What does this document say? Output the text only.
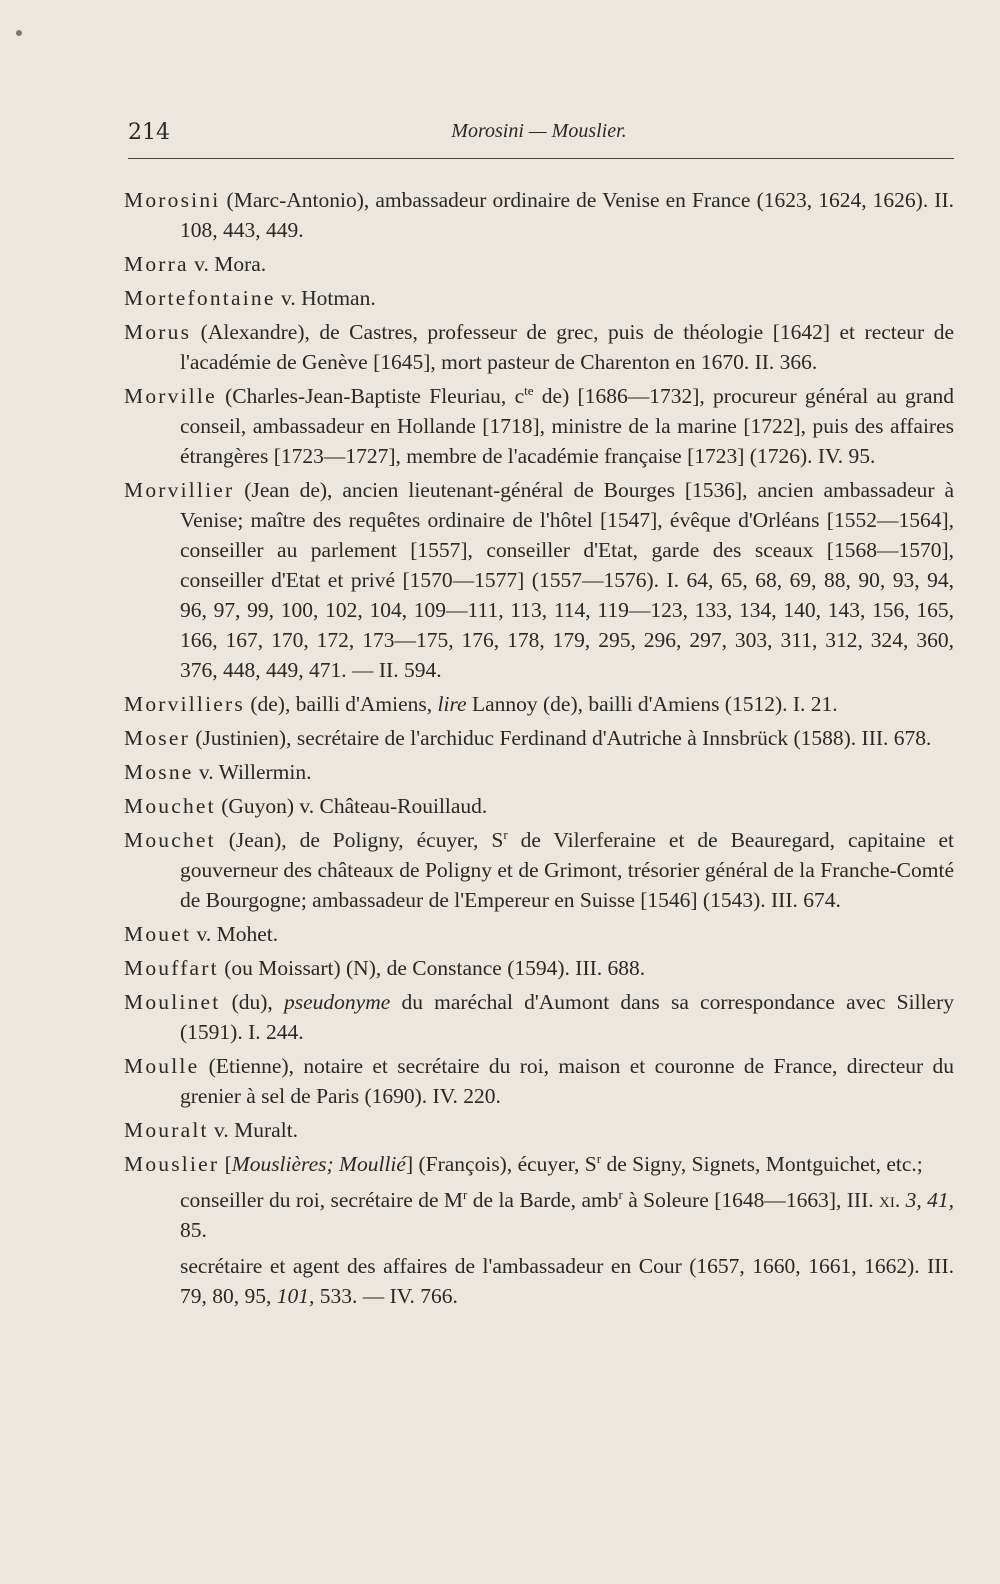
214	Morosini — Mouslier.

Morosini (Marc-Antonio), ambassadeur ordinaire de Venise en France (1623, 1624, 1626). II. 108, 443, 449.

Morra v. Mora.

Mortefontaine v. Hotman.

Morus (Alexandre), de Castres, professeur de grec, puis de théologie [1642] et recteur de l'académie de Genève [1645], mort pasteur de Charenton en 1670. II. 366.

Morville (Charles-Jean-Baptiste Fleuriau, $c^{te}$ de) [1686—1732], procureur général au grand conseil, ambassadeur en Hollande [1718], ministre de la marine [1722], puis des affaires étrangères [1723—1727], membre de l'académie française [1723] (1726). IV. 95.

Morvillier (Jean de), ancien lieutenant-général de Bourges [1536], ancien ambassadeur à Venise; maître des requêtes ordinaire de l'hôtel [1547], évêque d'Orléans [1552—1564], conseiller au parlement [1557], conseiller d'Etat, garde des sceaux [1568—1570], conseiller d'Etat et privé [1570—1577] (1557—1576). I. 64, 65, 68, 69, 88, 90, 93, 94, 96, 97, 99, 100, 102, 104, 109—111, 113, 114, 119—123, 133, 134, 140, 143, 156, 165, 166, 167, 170, 172, 173—175, 176, 178, 179, 295, 296, 297, 303, 311, 312, 324, 360, 376, 448, 449, 471. — II. 594.

Morvilliers (de), bailli d'Amiens, lire Lannoy (de), bailli d'Amiens (1512). I. 21.

Moser (Justinien), secrétaire de l'archiduc Ferdinand d'Autriche à Innsbrück (1588). III. 678.

Mosne v. Willermin.

Mouchet (Guyon) v. Château-Rouillaud.

Mouchet (Jean), de Poligny, écuyer, $S^r$ de Vilerferaine et de Beauregard, capitaine et gouverneur des châteaux de Poligny et de Grimont, trésorier général de la Franche-Comté de Bourgogne; ambassadeur de l'Empereur en Suisse [1546] (1543). III. 674.

Mouet v. Mohet.

Mouffart (ou Moissart) (N), de Constance (1594). III. 688.

Moulinet (du), pseudonyme du maréchal d'Aumont dans sa correspondance avec Sillery (1591). I. 244.

Moulle (Etienne), notaire et secrétaire du roi, maison et couronne de France, directeur du grenier à sel de Paris (1690). IV. 220.

Mouralt v. Muralt.

Mouslier [Mouslières; Moullié] (François), écuyer, $S^r$ de Signy, Signets, Montguichet, etc.;
conseiller du roi, secrétaire de $M^r$ de la Barde, amb$^r$ à Soleure [1648—1663], III. xi. 3, 41, 85.
secrétaire et agent des affaires de l'ambassadeur en Cour (1657, 1660, 1661, 1662). III. 79, 80, 95, 101, 533. — IV. 766.
